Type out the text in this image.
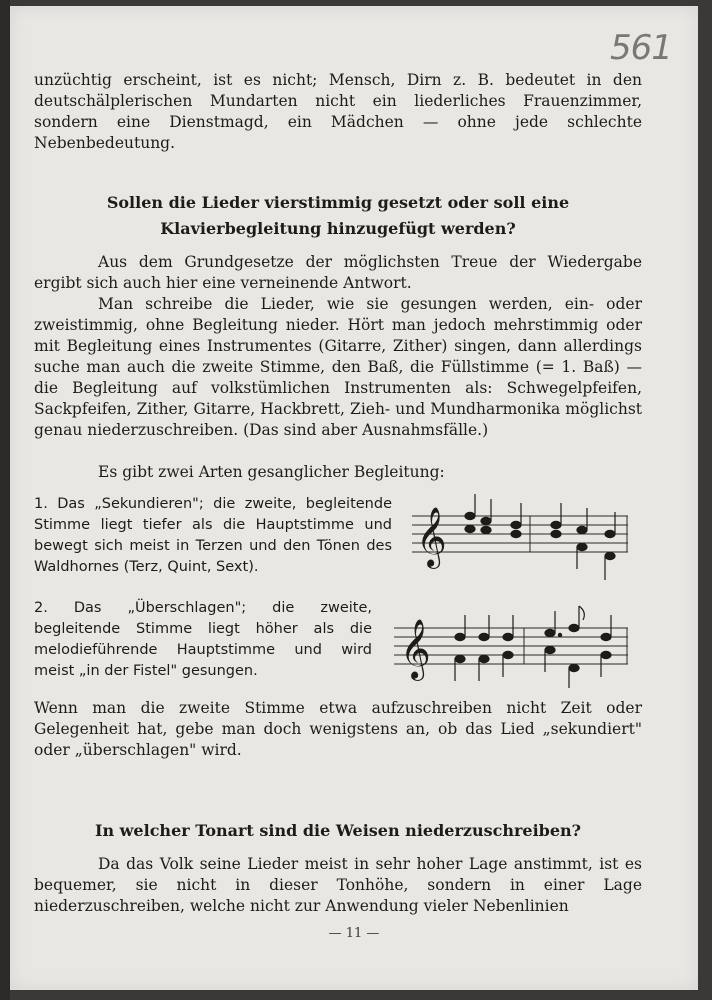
561
unzüchtig erscheint, ist es nicht; Mensch, Dirn z. B. bedeutet in den deutschälplerischen Mundarten nicht ein liederliches Frauenzimmer, sondern eine Dienstmagd, ein Mädchen — ohne jede schlechte Nebenbedeutung.
Sollen die Lieder vierstimmig gesetzt oder soll eine Klavierbegleitung hinzugefügt werden?
Aus dem Grundgesetze der möglichsten Treue der Wiedergabe ergibt sich auch hier eine verneinende Antwort.
Man schreibe die Lieder, wie sie gesungen werden, ein- oder zweistimmig, ohne Begleitung nieder. Hört man jedoch mehrstimmig oder mit Begleitung eines Instrumentes (Gitarre, Zither) singen, dann allerdings suche man auch die zweite Stimme, den Baß, die Füllstimme (= 1. Baß) — die Begleitung auf volkstümlichen Instrumenten als: Schwegelpfeifen, Sackpfeifen, Zither, Gitarre, Hackbrett, Zieh- und Mundharmonika möglichst genau niederzuschreiben. (Das sind aber Ausnahmsfälle.)
Es gibt zwei Arten gesanglicher Begleitung:
1. Das „Sekundieren"; die zweite, begleitende Stimme liegt tiefer als die Hauptstimme und bewegt sich meist in Terzen und den Tönen des Waldhornes (Terz, Quint, Sext).	𝄞
2. Das „Überschlagen"; die zweite, begleitende Stimme liegt höher als die melodieführende Hauptstimme und wird meist „in der Fistel" gesungen.	𝄞
Wenn man die zweite Stimme etwa aufzuschreiben nicht Zeit oder Gelegenheit hat, gebe man doch wenigstens an, ob das Lied „sekundiert" oder „überschlagen" wird.
In welcher Tonart sind die Weisen niederzuschreiben?
Da das Volk seine Lieder meist in sehr hoher Lage anstimmt, ist es bequemer, sie nicht in dieser Tonhöhe, sondern in einer Lage niederzuschreiben, welche nicht zur Anwendung vieler Nebenlinien
— 11 —
